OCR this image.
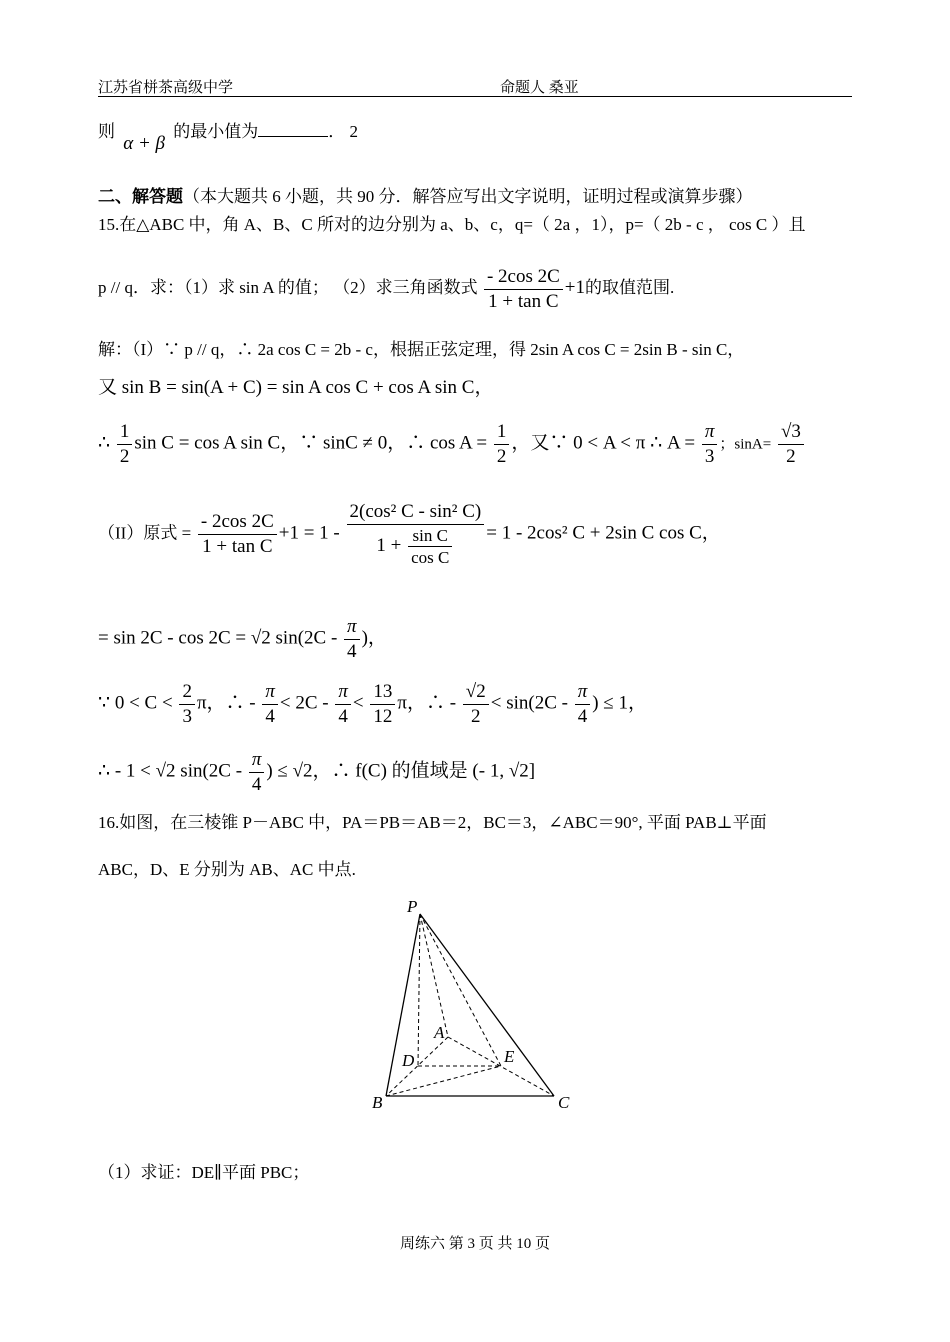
江苏省栟茶高级中学	命题人 桑亚
则 α + β 的最小值为	． 2
二、解答题（本大题共 6 小题，共 90 分．解答应写出文字说明，证明过程或演算步骤）
15.在△ABC 中，角 A、B、C 所对的边分别为 a、b、c，q=（ 2a ，1），p=（ 2b - c ， cos C ）且
p // q．求：（1）求 sin A 的值； （2）求三角函数式 $\frac{- 2\cos 2C}{\text{1 + tan C}} +1$的取值范围.
解：（I）∵ p // q，∴ 2a cos C = 2b - c，根据正弦定理，得 2sin A cos C = 2sin B - sin C，
又 sin B = sin(A + C) = sin A cos C + cos A sin C，
∴ $\frac{1}{2}$ sin C = cos A sin C，∵ sinC ≠ 0，∴ $\cos A = \frac{1}{2}$ ，又∵ 0 < A < π ∴ $A = \frac{\pi}{3}$ ；$\sin A= \frac{√3}{2}$
（II）原式 = $\frac{- 2\cos 2C}{\text{1 + tan C}} +1 = 1 - \frac{\text{2(cos² C - sin² C)}}{1 + \frac{\text{sin C}}{\text{cos C}}} = 1 - 2\cos^2$ C + 2sin C cos C，
= sin 2C - cos 2C = √2 $\sin(2C - \frac{\pi}{4}$ )，
∵ $0 < C < \frac{2}{3}$ π，∴ - $\frac{\pi}{4} < 2C - \frac{\pi}{4} < \frac{13}{12}$ π，∴ - $\frac{√2}{2} < \sin(2C - \frac{\pi}{4}$ ) ≤ 1，
∴ - 1 < √2 $\sin(2C - \frac{\pi}{4}$ ) ≤ √2，∴ f(C) 的值域是 (- 1, √2]
16.如图，在三棱锥 P－ABC 中，PA＝PB＝AB＝2，BC＝3，∠ABC＝90°, 平面 PAB⊥平面
ABC，D、E 分别为 AB、AC 中点.
P
A
D	E
B	C
（1）求证：DE∥平面 PBC；
周练六 第 3 页 共 10 页
